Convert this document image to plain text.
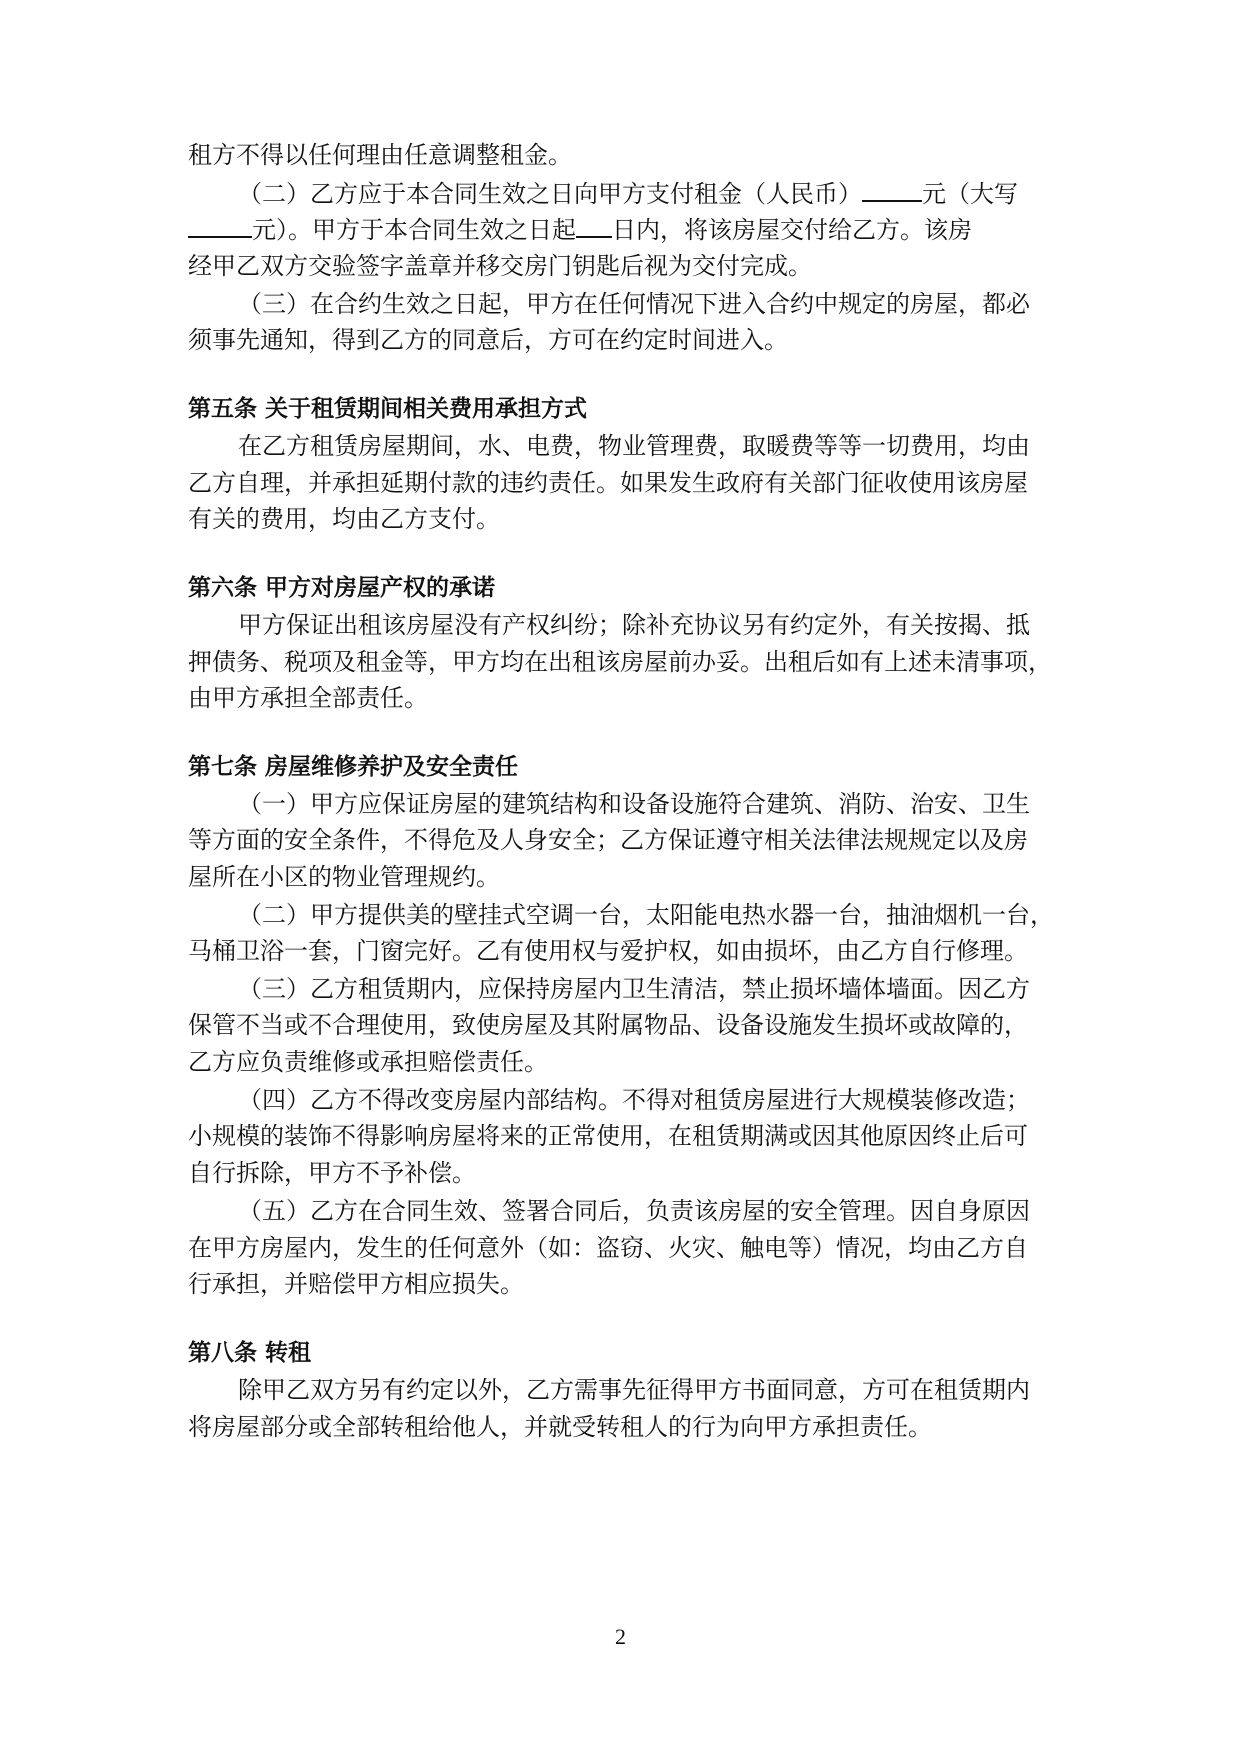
租方不得以任何理由任意调整租金。

（二）乙方应于本合同生效之日向甲方支付租金（人民币）	元（大写

元）。甲方于本合同生效之日起 日内，将该房屋交付给乙方。该房

经甲乙双方交验签字盖章并移交房门钥匙后视为交付完成。

（三）在合约生效之日起，甲方在任何情况下进入合约中规定的房屋，都必

须事先通知，得到乙方的同意后，方可在约定时间进入。

第五条 关于租赁期间相关费用承担方式

在乙方租赁房屋期间，水、电费，物业管理费，取暖费等等一切费用，均由

乙方自理，并承担延期付款的违约责任。如果发生政府有关部门征收使用该房屋

有关的费用，均由乙方支付。

第六条 甲方对房屋产权的承诺

甲方保证出租该房屋没有产权纠纷；除补充协议另有约定外，有关按揭、抵

押债务、税项及租金等，甲方均在出租该房屋前办妥。出租后如有上述未清事项，

由甲方承担全部责任。

第七条 房屋维修养护及安全责任

（一）甲方应保证房屋的建筑结构和设备设施符合建筑、消防、治安、卫生

等方面的安全条件，不得危及人身安全；乙方保证遵守相关法律法规规定以及房

屋所在小区的物业管理规约。

（二）甲方提供美的壁挂式空调一台，太阳能电热水器一台，抽油烟机一台，

马桶卫浴一套，门窗完好。乙有使用权与爱护权，如由损坏，由乙方自行修理。

（三）乙方租赁期内，应保持房屋内卫生清洁，禁止损坏墙体墙面。因乙方

保管不当或不合理使用，致使房屋及其附属物品、设备设施发生损坏或故障的，

乙方应负责维修或承担赔偿责任。

（四）乙方不得改变房屋内部结构。不得对租赁房屋进行大规模装修改造；

小规模的装饰不得影响房屋将来的正常使用，在租赁期满或因其他原因终止后可

自行拆除，甲方不予补偿。

（五）乙方在合同生效、签署合同后，负责该房屋的安全管理。因自身原因

在甲方房屋内，发生的任何意外（如：盗窃、火灾、触电等）情况，均由乙方自

行承担，并赔偿甲方相应损失。

第八条 转租

除甲乙双方另有约定以外，乙方需事先征得甲方书面同意，方可在租赁期内

将房屋部分或全部转租给他人，并就受转租人的行为向甲方承担责任。

2
